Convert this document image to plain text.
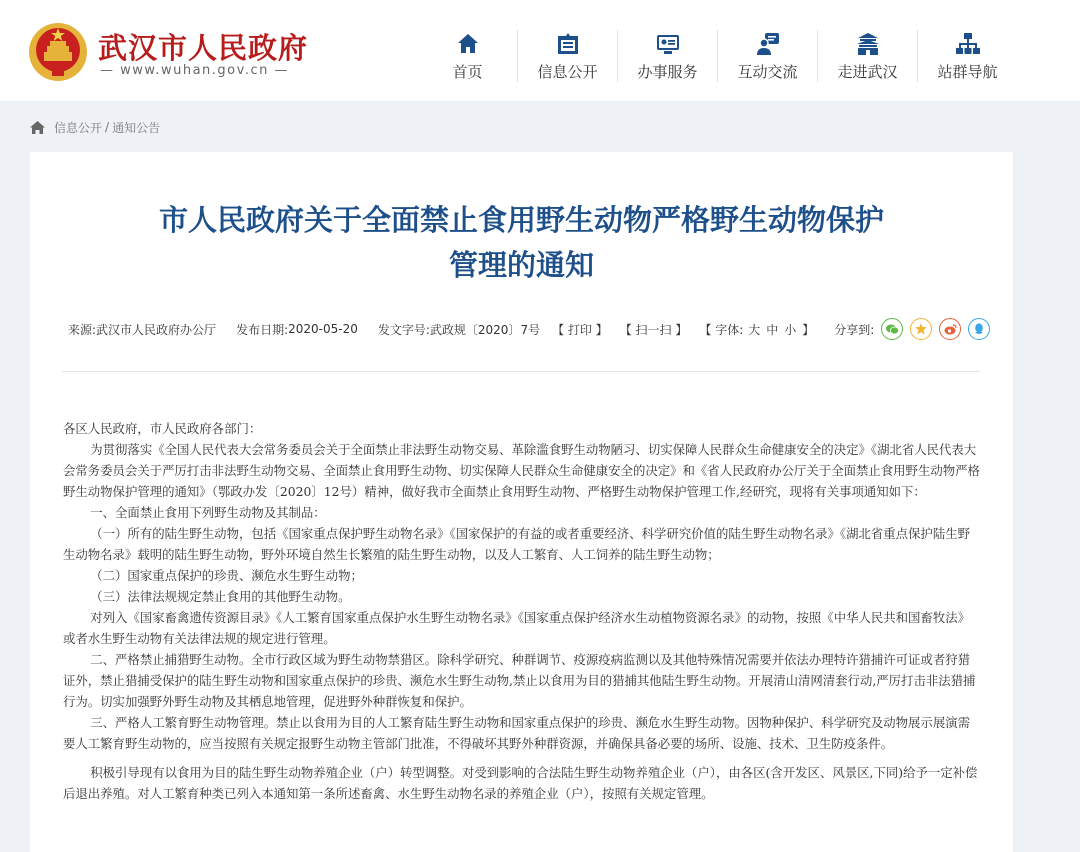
武汉市人民政府
— www.wuhan.gov.cn —	首页	信息公开	办事服务	互动交流	走进武汉	站群导航
信息公开 / 通知公告
市人民政府关于全面禁止食用野生动物严格野生动物保护
管理的通知
来源: 武汉市人民政府办公厅 发布日期: 2020-05-20 发文字号: 武政规〔2020〕7号 【 打印 】 【 扫一扫 】 【 字体: 大 中 小 】 分享到:

各区人民政府，市人民政府各部门：

为贯彻落实《全国人民代表大会常务委员会关于全面禁止非法野生动物交易、革除滥食野生动物陋习、切实保障人民群众生命健康安全的决定》《湖北省人民代表大会常务委员会关于严厉打击非法野生动物交易、全面禁止食用野生动物、切实保障人民群众生命健康安全的决定》和《省人民政府办公厅关于全面禁止食用野生动物严格野生动物保护管理的通知》（鄂政办发〔2020〕12号）精神，做好我市全面禁止食用野生动物、严格野生动物保护管理工作,经研究，现将有关事项通知如下：

一、全面禁止食用下列野生动物及其制品：

（一）所有的陆生野生动物，包括《国家重点保护野生动物名录》《国家保护的有益的或者重要经济、科学研究价值的陆生野生动物名录》《湖北省重点保护陆生野生动物名录》载明的陆生野生动物，野外环境自然生长繁殖的陆生野生动物，以及人工繁育、人工饲养的陆生野生动物；

（二）国家重点保护的珍贵、濒危水生野生动物；

（三）法律法规规定禁止食用的其他野生动物。

对列入《国家畜禽遗传资源目录》《人工繁育国家重点保护水生野生动物名录》《国家重点保护经济水生动植物资源名录》的动物，按照《中华人民共和国畜牧法》或者水生野生动物有关法律法规的规定进行管理。

二、严格禁止捕猎野生动物。全市行政区域为野生动物禁猎区。除科学研究、种群调节、疫源疫病监测以及其他特殊情况需要并依法办理特许猎捕许可证或者狩猎证外，禁止猎捕受保护的陆生野生动物和国家重点保护的珍贵、濒危水生野生动物,禁止以食用为目的猎捕其他陆生野生动物。开展清山清网清套行动,严厉打击非法猎捕行为。切实加强野外野生动物及其栖息地管理，促进野外种群恢复和保护。

三、严格人工繁育野生动物管理。禁止以食用为目的人工繁育陆生野生动物和国家重点保护的珍贵、濒危水生野生动物。因物种保护、科学研究及动物展示展演需要人工繁育野生动物的，应当按照有关规定报野生动物主管部门批准，不得破坏其野外种群资源，并确保具备必要的场所、设施、技术、卫生防疫条件。

积极引导现有以食用为目的陆生野生动物养殖企业（户）转型调整。对受到影响的合法陆生野生动物养殖企业（户），由各区(含开发区、风景区,下同)给予一定补偿后退出养殖。对人工繁育种类已列入本通知第一条所述畜禽、水生野生动物名录的养殖企业（户），按照有关规定管理。
